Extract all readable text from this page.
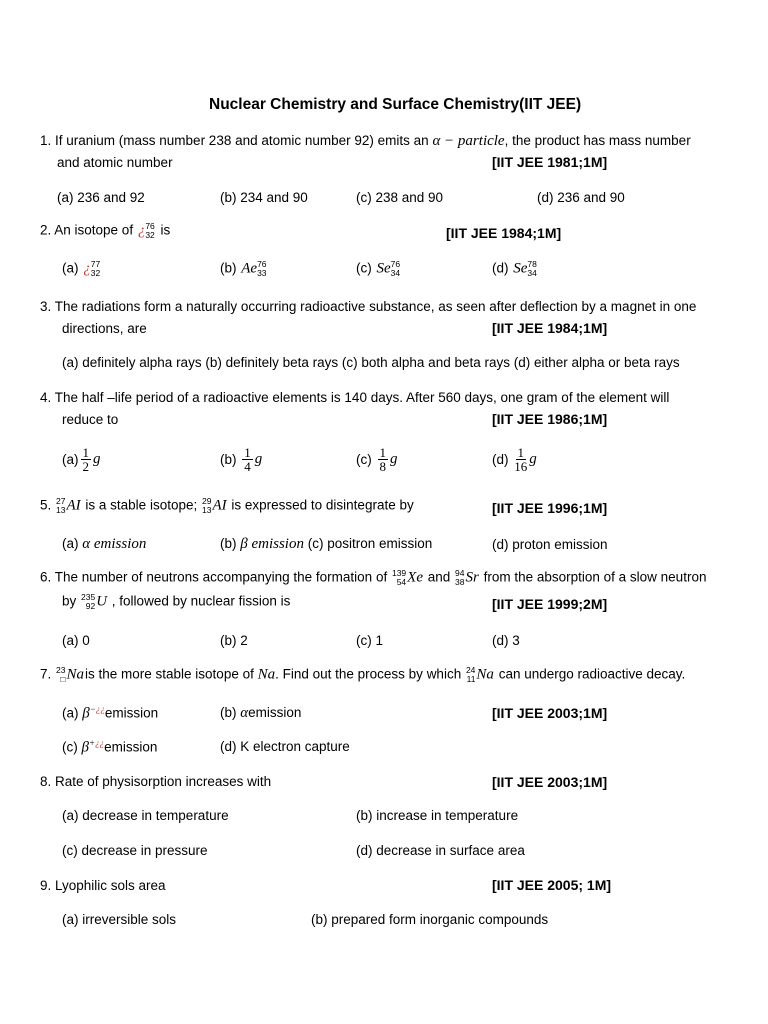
Nuclear Chemistry and Surface Chemistry(IIT JEE)
1. If uranium (mass number 238 and atomic number 92) emits an α − particle, the product has mass number
and atomic number	[IIT JEE 1981;1M]
(a) 236 and 92	(b) 234 and 90	(c) 238 and 90	(d) 236 and 90
2. An isotope of ¿ 76
32 is	[IIT JEE 1984;1M]
(a) ¿ 77
32	(b) Ae 76
33	(c) Se 76
34	(d) Se 78
34
3. The radiations form a naturally occurring radioactive substance, as seen after deflection by a magnet in one
directions, are	[IIT JEE 1984;1M]
(a) definitely alpha rays (b) definitely beta rays (c) both alpha and beta rays (d) either alpha or beta rays
4. The half –life period of a radioactive elements is 140 days. After 560 days, one gram of the element will
reduce to	[IIT JEE 1986;1M]
$(a) \frac{1}{2}$ g	$(b) \frac{1}{4}$ g	$(c) \frac{1}{8}$ g	$(d) \frac{1}{16}$ g
5. 27
13 AI is a stable isotope; 29
13 AI is expressed to disintegrate by	[IIT JEE 1996;1M]
(a) α emission	(b) β emission (c) positron emission	(d) proton emission
6. The number of neutrons accompanying the formation of 139
54 Xe and 94
38 Sr from the absorption of a slow neutron
by 235
92 U , followed by nuclear fission is	[IIT JEE 1999;2M]
(a) 0	(b) 2	(c) 1	(d) 3
7. 23
□ Nais the more stable isotope of Na. Find out the process by which 24
11 Na can undergo radioactive decay.
(a) β−¿¿emission	(b) αemission	[IIT JEE 2003;1M]
(c) β+¿¿emission	(d) K electron capture
8. Rate of physisorption increases with	[IIT JEE 2003;1M]
(a) decrease in temperature	(b) increase in temperature
(c) decrease in pressure	(d) decrease in surface area
9. Lyophilic sols area	[IIT JEE 2005; 1M]
(a) irreversible sols	(b) prepared form inorganic compounds
